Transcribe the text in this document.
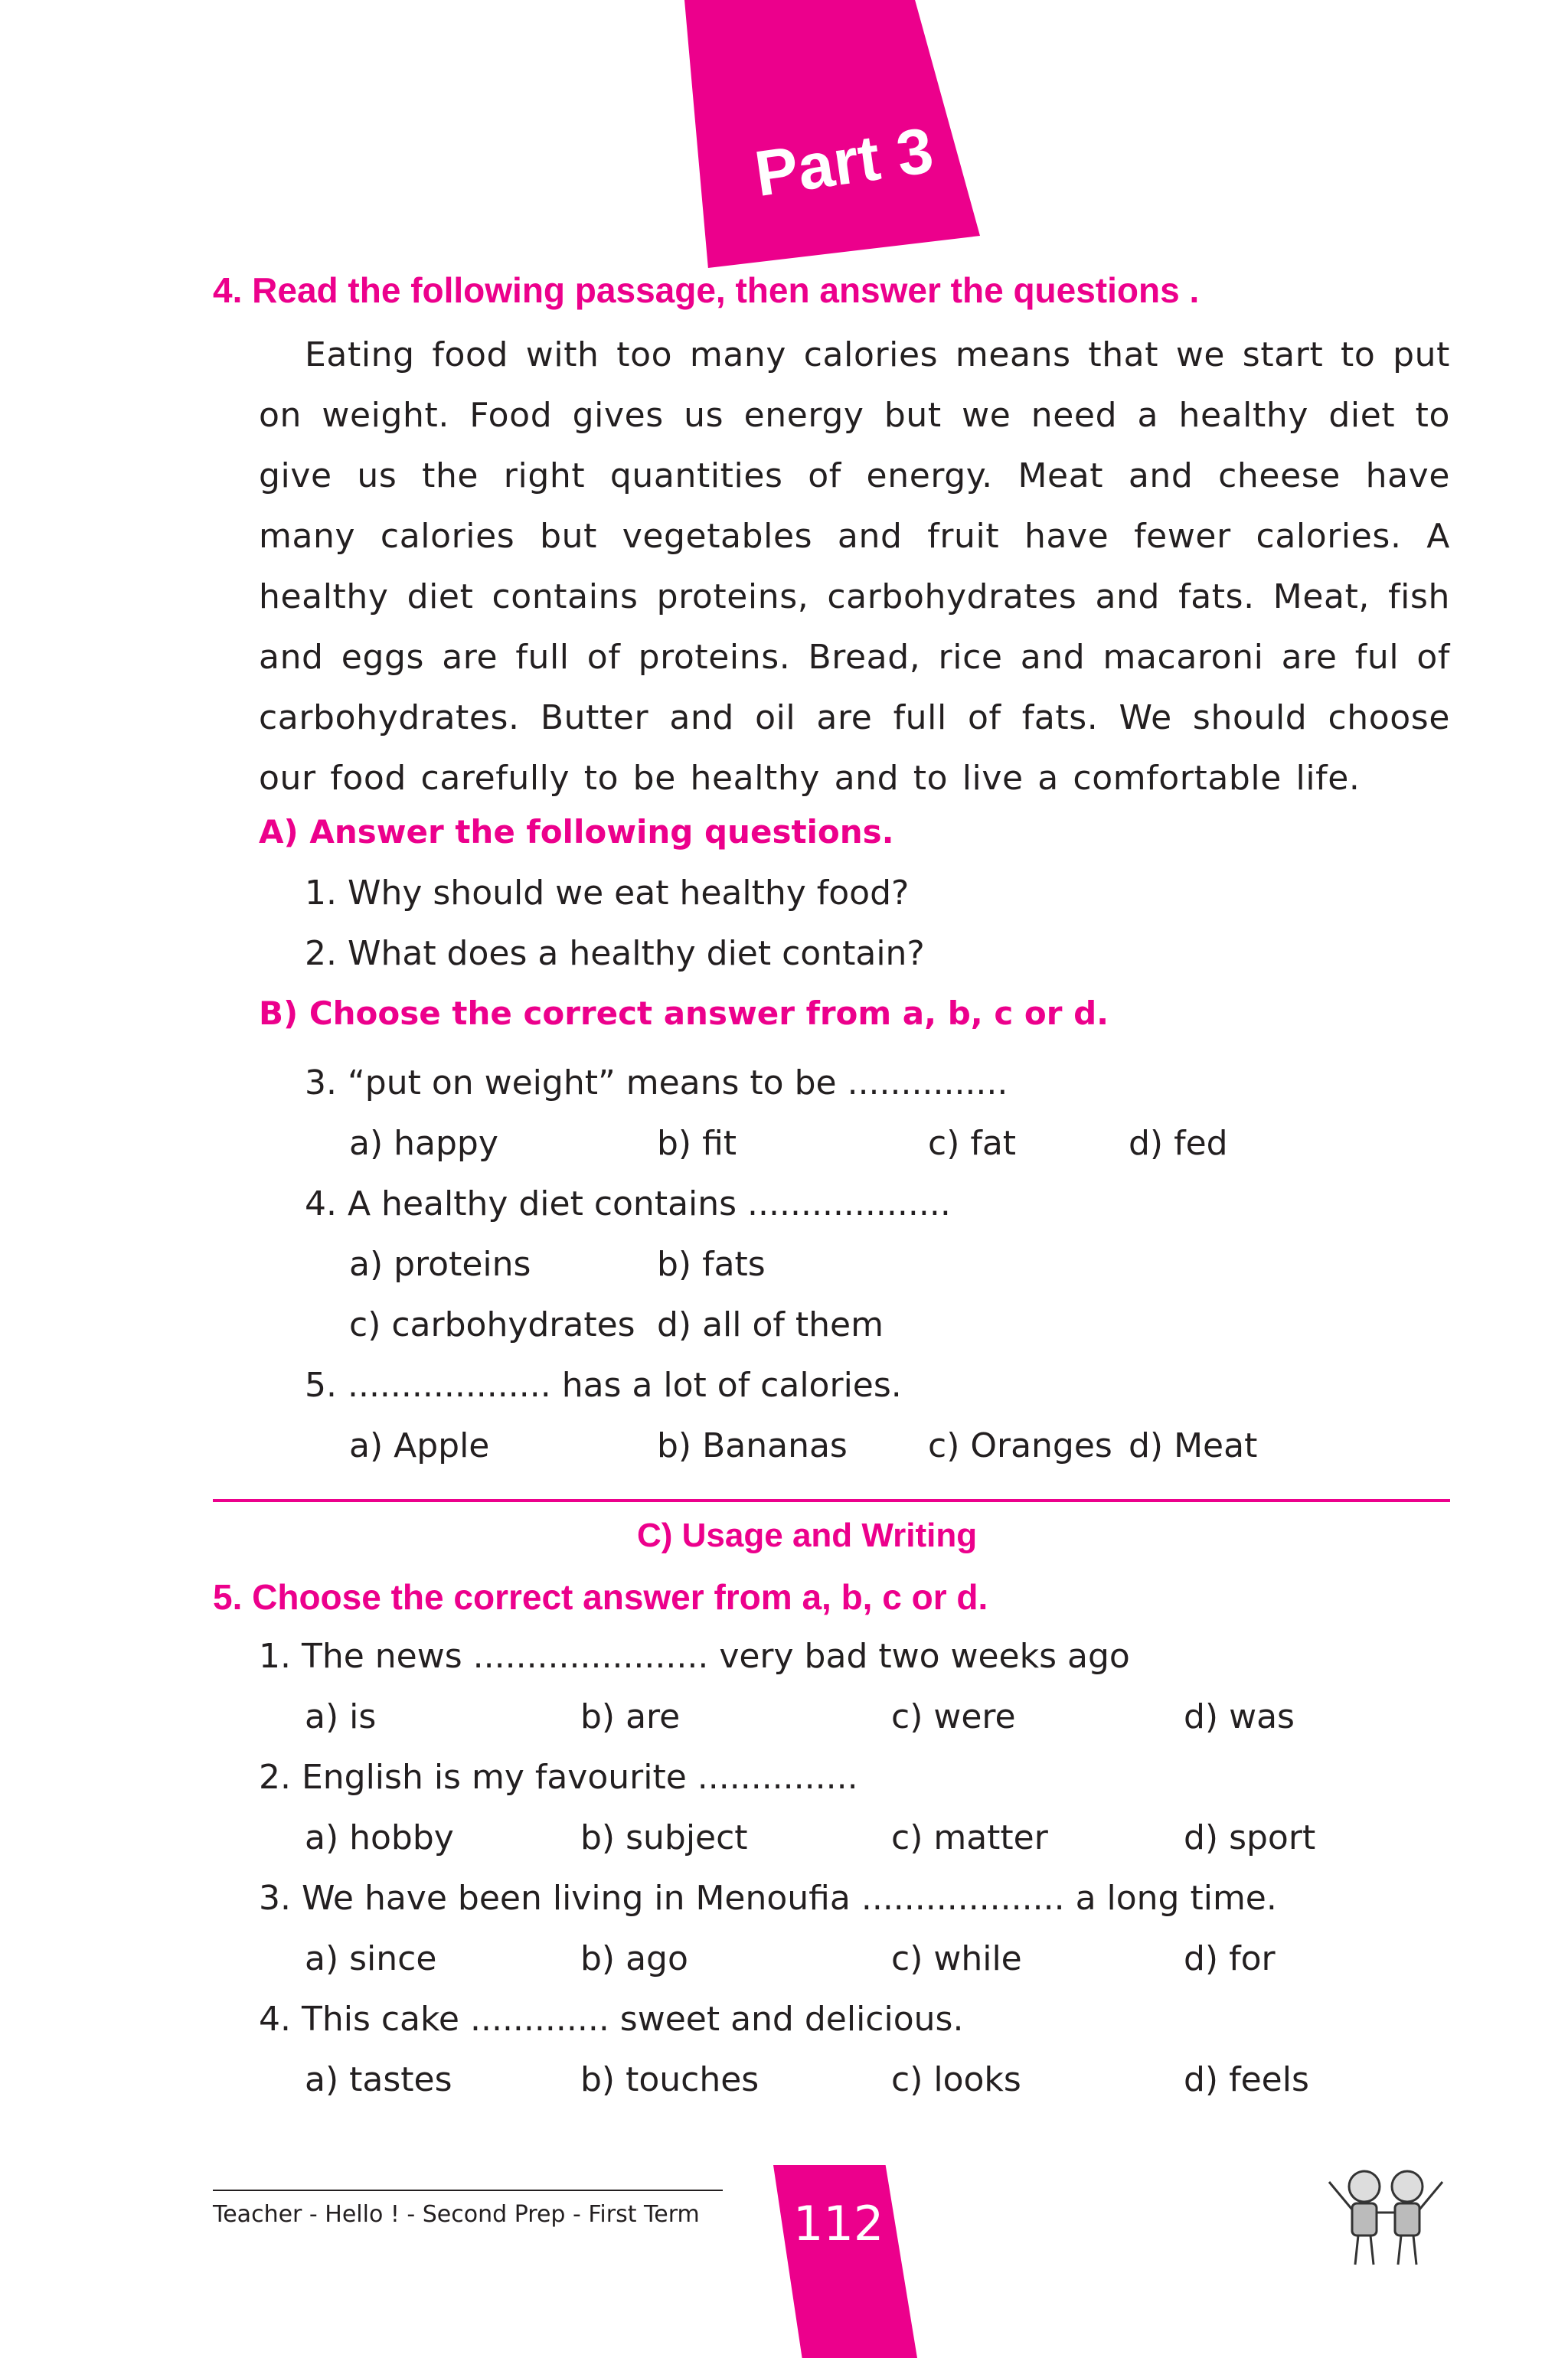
Part 3
4. Read the following passage, then answer the questions .

Eating food with too many calories means that we start to put on weight. Food gives us energy but we need a healthy diet to give us the right quantities of energy. Meat and cheese have many calories but vegetables and fruit have fewer calories. A healthy diet contains proteins, carbohydrates and fats. Meat, fish and eggs are full of proteins. Bread, rice and macaroni are ful of carbohydrates. Butter and oil are full of fats. We should choose our food carefully to be healthy and to live a comfortable life.

A) Answer the following questions.
1. Why should we eat healthy food?
2. What does a healthy diet contain?
B) Choose the correct answer from a, b, c or d.
3. “put on weight” means to be ...............
a) happy	b) fit	c) fat	d) fed
4. A healthy diet contains ...................
a) proteins	b) fats
c) carbohydrates d) all of them
5. ................... has a lot of calories.
a) Apple	b) Bananas c) Oranges d) Meat
C) Usage and Writing
5. Choose the correct answer from a, b, c or d.
1. The news ...................... very bad two weeks ago
a) is	b) are	c) were	d) was
2. English is my favourite ...............
a) hobby	b) subject	c) matter	d) sport
3. We have been living in Menoufia ................... a long time.
a) since	b) ago	c) while	d) for
4. This cake ............. sweet and delicious.
a) tastes	b) touches	c) looks	d) feels
Teacher - Hello ! - Second Prep - First Term 112
